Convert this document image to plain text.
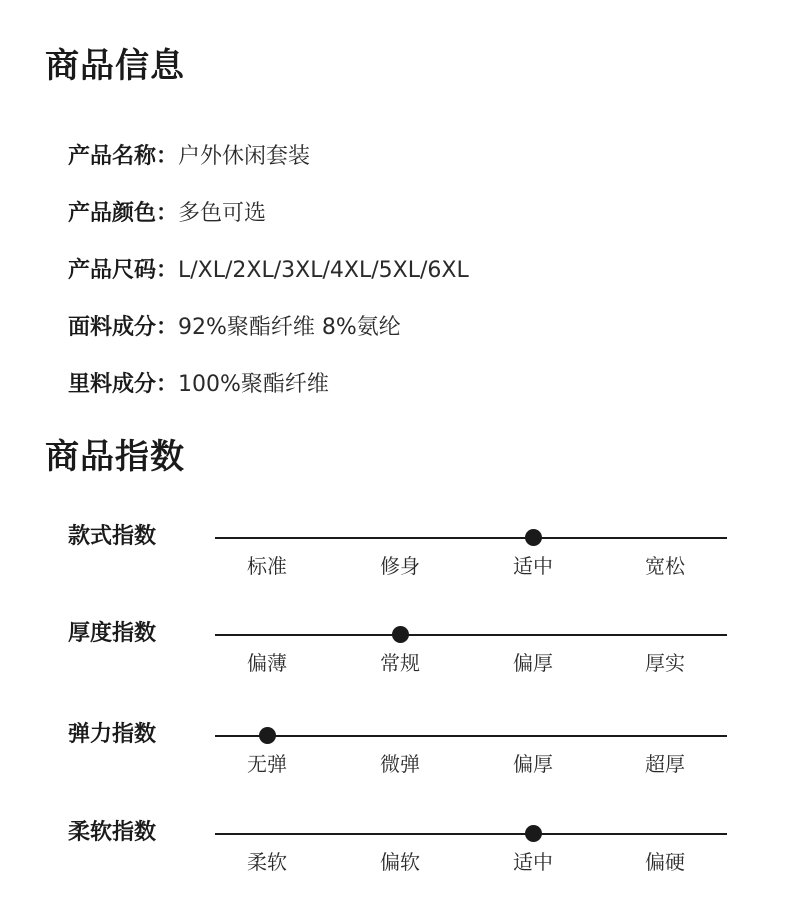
商品信息
产品名称： 户外休闲套装
产品颜色： 多色可选
产品尺码： L/XL/2XL/3XL/4XL/5XL/6XL
面料成分： 92%聚酯纤维 8%氨纶
里料成分： 100%聚酯纤维
商品指数
款式指数
标准	修身	适中	宽松
厚度指数
偏薄	常规	偏厚	厚实
弹力指数
无弹	微弹	偏厚	超厚
柔软指数
柔软	偏软	适中	偏硬
